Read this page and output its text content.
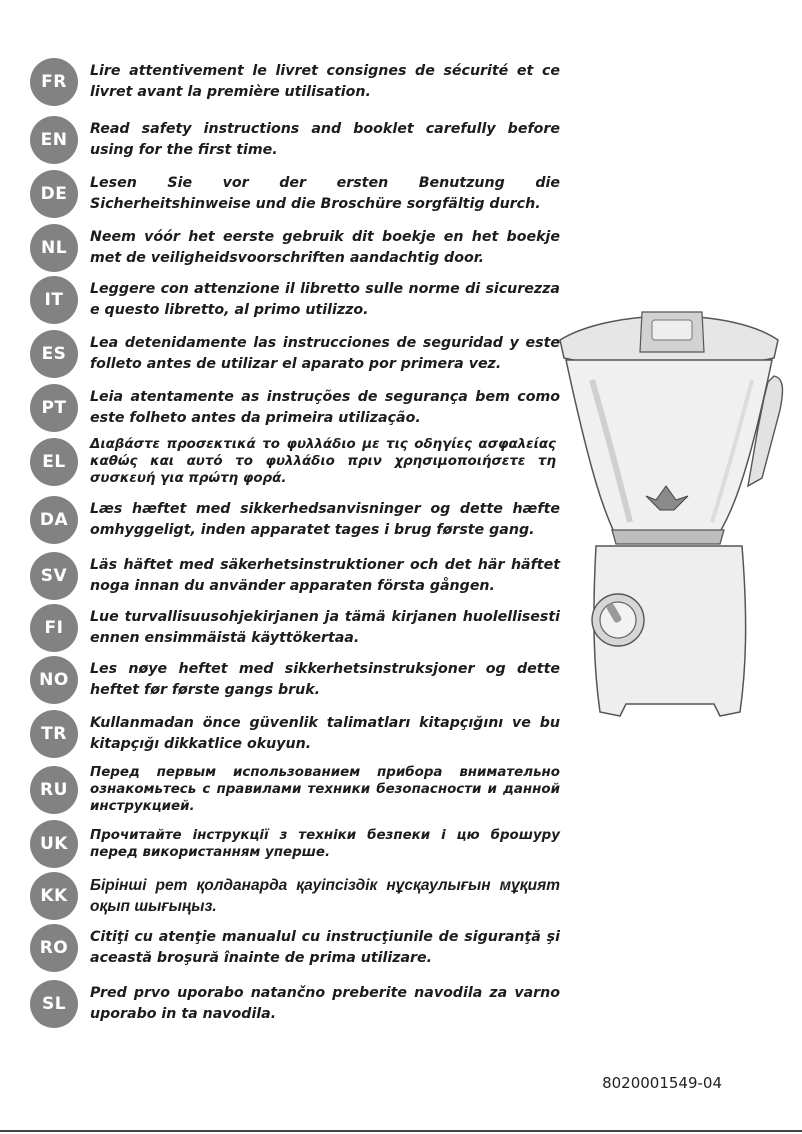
FR
Lire attentivement le livret consignes de sécurité et ce livret avant la première utilisation.
EN
Read safety instructions and booklet carefully before using for the first time.
DE
Lesen Sie vor der ersten Benutzung die Sicherheitshinweise und die Broschüre sorgfältig durch.
NL
Neem vóór het eerste gebruik dit boekje en het boekje met de veiligheidsvoorschriften aandachtig door.
IT
Leggere con attenzione il libretto sulle norme di sicurezza e questo libretto, al primo utilizzo.
ES
Lea detenidamente las instrucciones de seguridad y este folleto antes de utilizar el aparato por primera vez.
PT
Leia atentamente as instruções de segurança bem como este folheto antes da primeira utilização.
EL
Διαβάστε προσεκτικά το φυλλάδιο με τις οδηγίες ασφαλείας καθώς και αυτό το φυλλάδιο πριν χρησιμοποιήσετε τη συσκευή για πρώτη φορά.
DA
Læs hæftet med sikkerhedsanvisninger og dette hæfte omhyggeligt, inden apparatet tages i brug første gang.
SV
Läs häftet med säkerhetsinstruktioner och det här häftet noga innan du använder apparaten första gången.
FI
Lue turvallisuusohjekirjanen ja tämä kirjanen huolellisesti ennen ensimmäistä käyttökertaa.
NO
Les nøye heftet med sikkerhetsinstruksjoner og dette heftet før første gangs bruk.
TR
Kullanmadan önce güvenlik talimatları kitapçığını ve bu kitapçığı dikkatlice okuyun.
RU
Перед первым использованием прибора внимательно ознакомьтесь с правилами техники безопасности и данной инструкцией.
UK	Прочитайте інструкції з техніки безпеки і цю брошуру перед використанням уперше.
KK
Бірінші рет қолданарда қауіпсіздік нұсқаулығын мұқият оқып шығыңыз.
RO
Citiţi cu atenţie manualul cu instrucţiunile de siguranţă şi această broşură înainte de prima utilizare.
SL
Pred prvo uporabo natančno preberite navodila za varno uporabo in ta navodila.
8020001549-04
